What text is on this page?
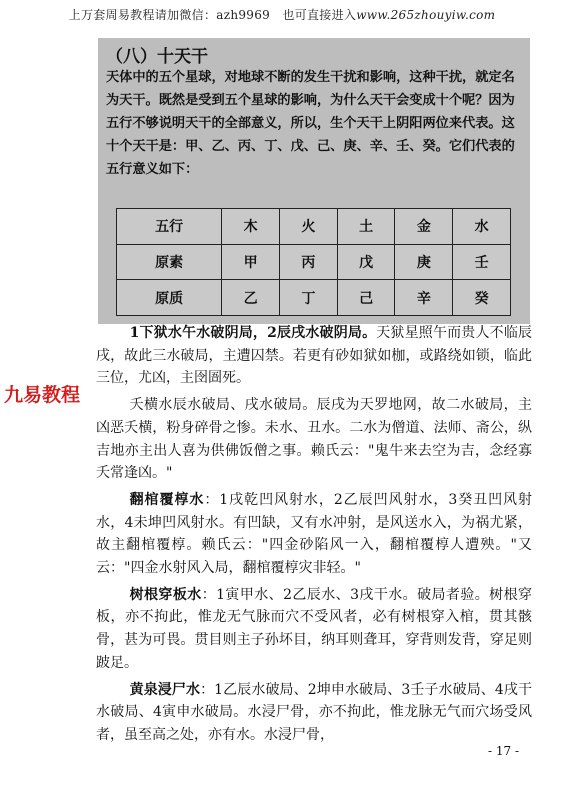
上万套周易教程请加微信：azh9969　也可直接进入www.265zhouyiw.com
（八）十天干
天体中的五个星球，对地球不断的发生干扰和影响，这种干扰，就定名为天干。既然是受到五个星球的影响，为什么天干会变成十个呢？因为五行不够说明天干的全部意义，所以，生个天干上阴阳两位来代表。这十个天干是：甲、乙、丙、丁、戊、己、庚、辛、壬、癸。它们代表的五行意义如下：
五行	木	火	土	金	水
原素	甲	丙	戊	庚	壬
原质	乙	丁	己	辛	癸

1下狱水午水破阴局，2辰戌水破阴局。天狱星照午而贵人不临辰戌，故此三水破局，主遭囚禁。若更有砂如狱如枷，或路绕如锁，临此三位，尤凶，主囹圄死。

夭横水辰水破局、戌水破局。辰戌为天罗地网，故二水破局，主凶恶夭横，粉身碎骨之惨。未水、丑水。二水为僧道、法师、斋公，纵吉地亦主出人喜为供佛饭僧之事。赖氏云："鬼牛来去空为吉，念经寡夭常逢凶。"

翻棺覆椁水：1戌乾凹风射水，2乙辰凹风射水，3癸丑凹风射水，4未坤凹风射水。有凹缺，又有水冲射，是风送水入，为祸尤紧，故主翻棺覆椁。赖氏云："四金砂陷风一入，翻棺覆椁人遭殃。"又云："四金水射风入局，翻棺覆椁灾非轻。"

树根穿板水：1寅甲水、2乙辰水、3戌干水。破局者验。树根穿板，亦不拘此，惟龙无气脉而穴不受风者，必有树根穿入棺，贯其骸骨，甚为可畏。贯目则主子孙坏目，纳耳则聋耳，穿背则发背，穿足则跛足。

黄泉浸尸水：1乙辰水破局、2坤申水破局、3壬子水破局、4戌干水破局、4寅申水破局。水浸尸骨，亦不拘此，惟龙脉无气而穴场受风者，虽至高之处，亦有水。水浸尸骨，

九易教程
- 17 -
